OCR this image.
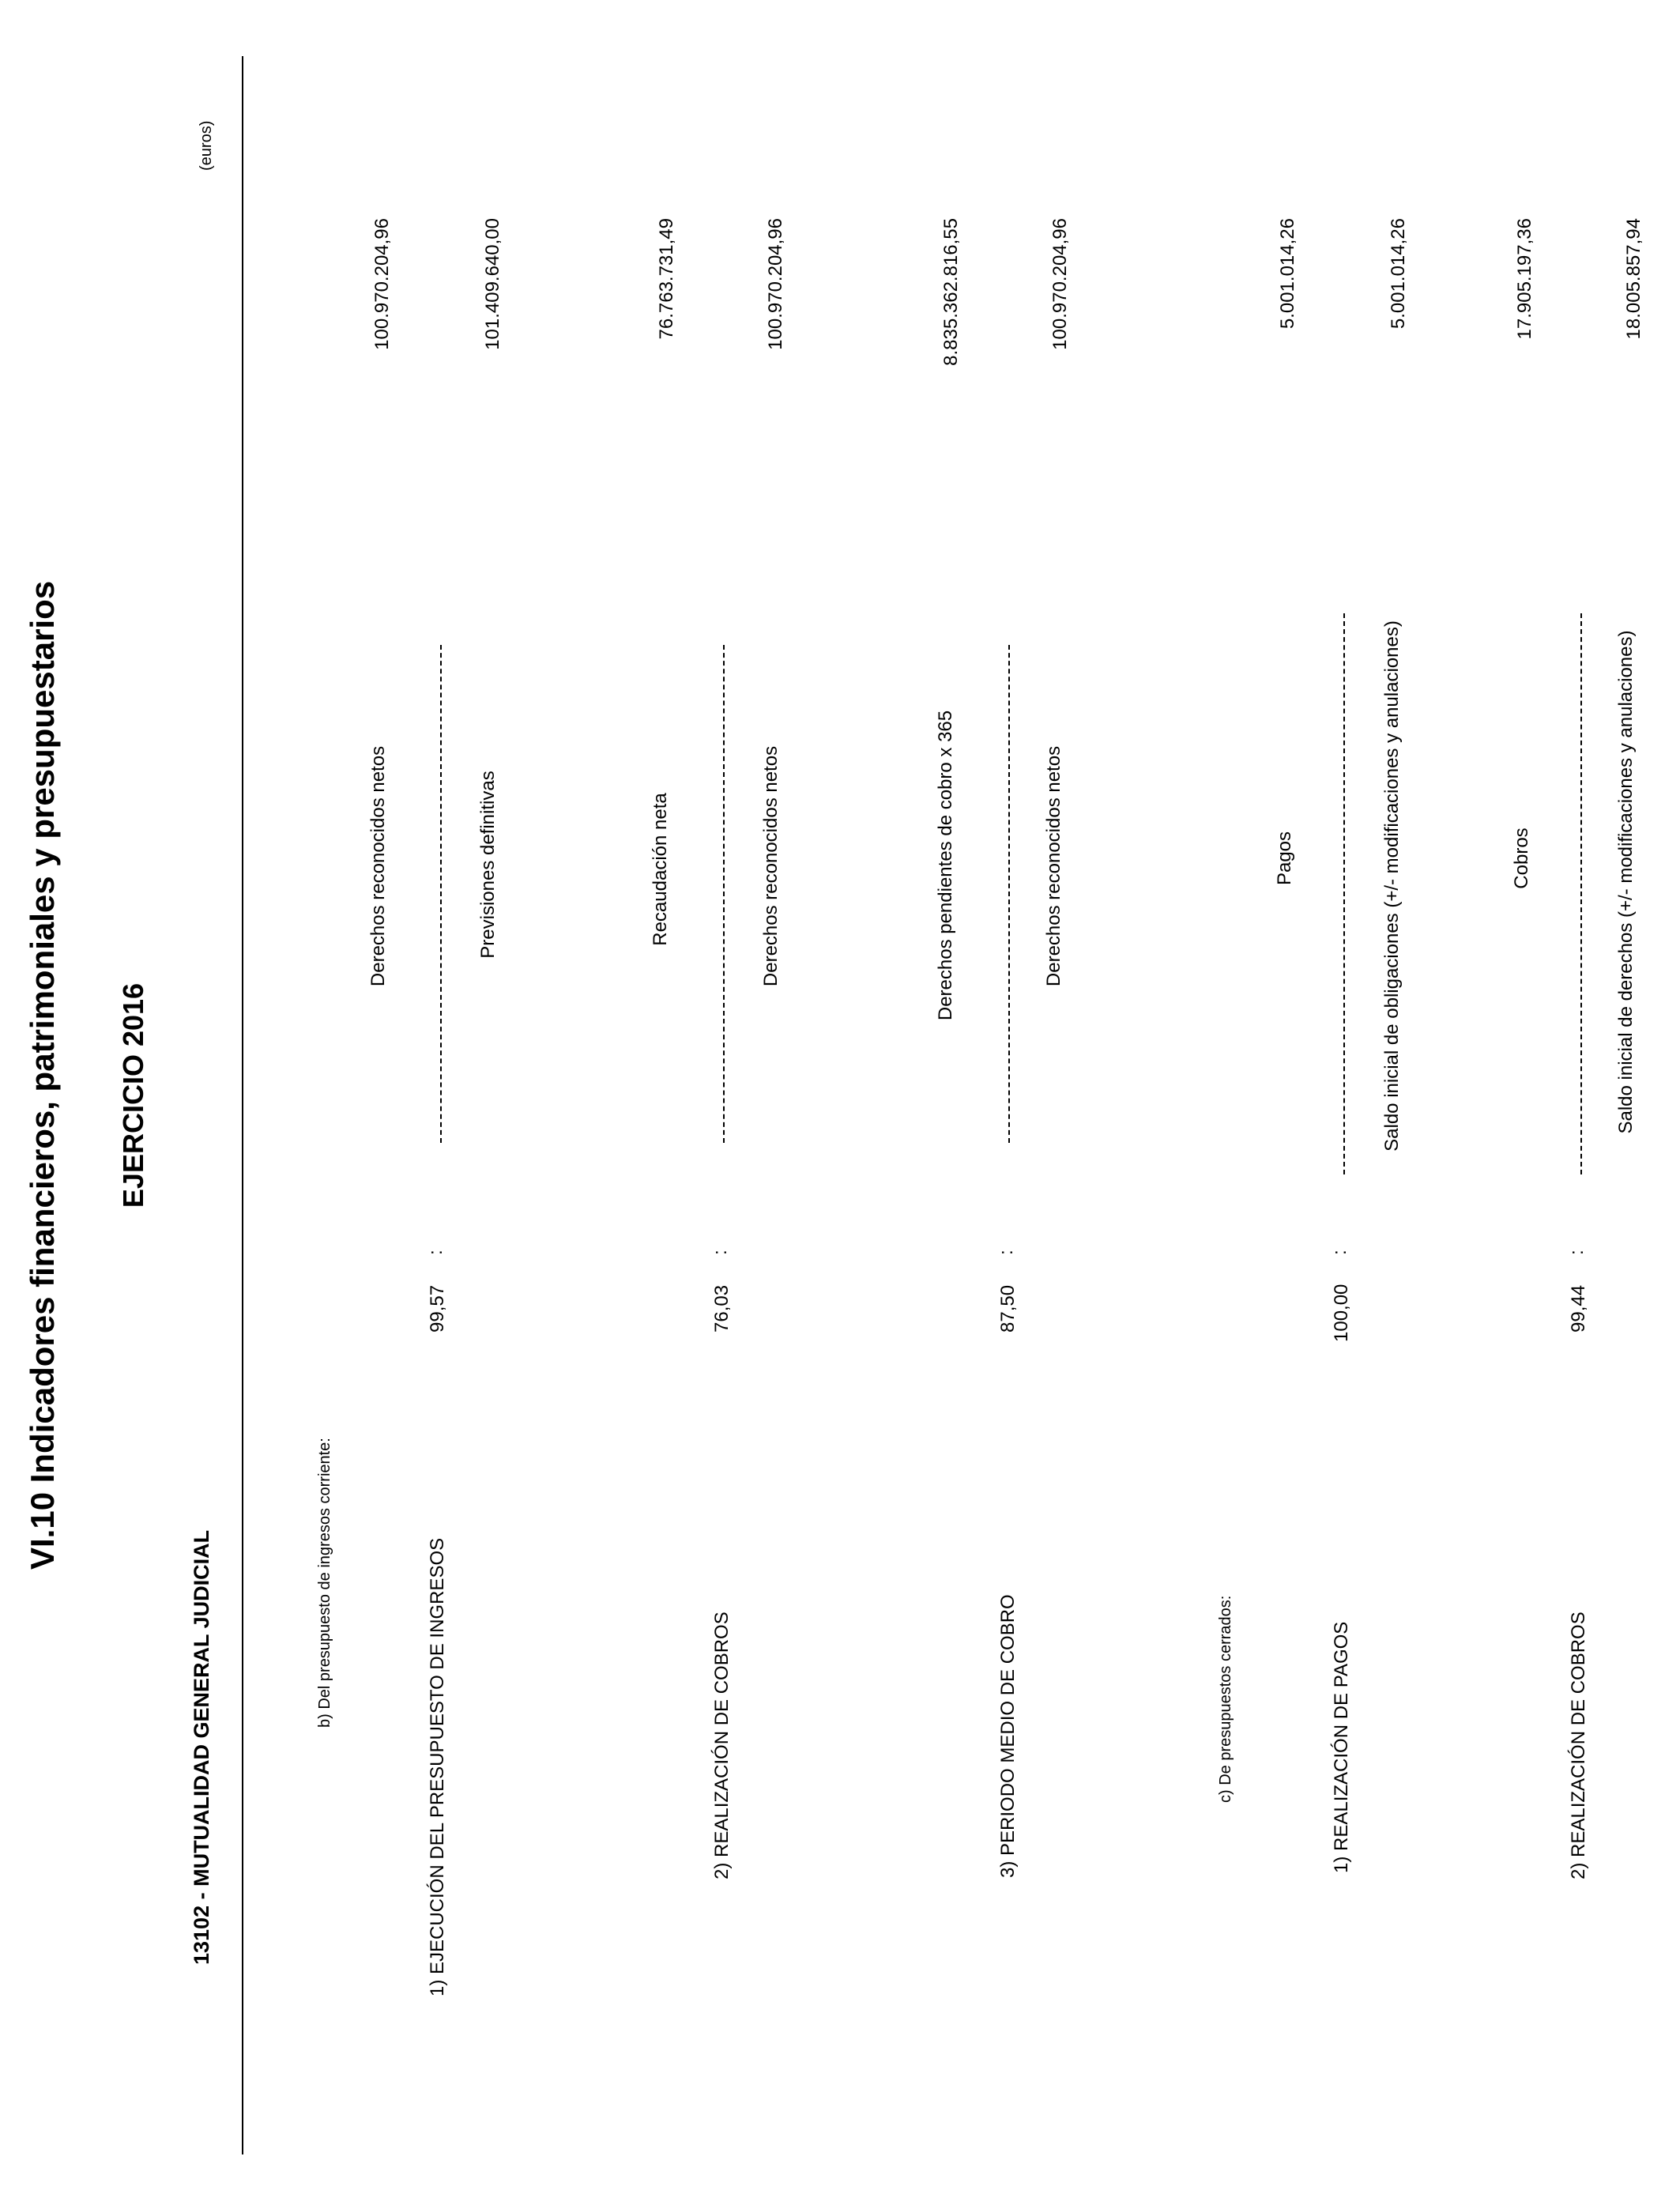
VI.10 Indicadores financieros, patrimoniales y presupuestarios EJERCICIO 2016
13102 - MUTUALIDAD GENERAL JUDICIAL
(euros)
b) Del presupuesto de ingresos corriente:	1) EJECUCIÓN DEL PRESUPUESTO DE INGRESOS
99,57
:
Derechos reconocidos netos	Previsiones definitivas
100.970.204,96	101.409.640,00
2) REALIZACIÓN DE COBROS
76,03
:
Recaudación neta	Derechos reconocidos netos
76.763.731,49	100.970.204,96
3) PERIODO MEDIO DE COBRO
87,50
:
Derechos pendientes de cobro x 365	Derechos reconocidos netos
8.835.362.816,55	100.970.204,96
c) De presupuestos cerrados:	1) REALIZACIÓN DE PAGOS
100,00
:
Pagos	Saldo inicial de obligaciones (+/- modificaciones y anulaciones)
5.001.014,26	5.001.014,26
2) REALIZACIÓN DE COBROS
99,44
:
Cobros	Saldo inicial de derechos (+/- modificaciones y anulaciones)
17.905.197,36	18.005.857,94
